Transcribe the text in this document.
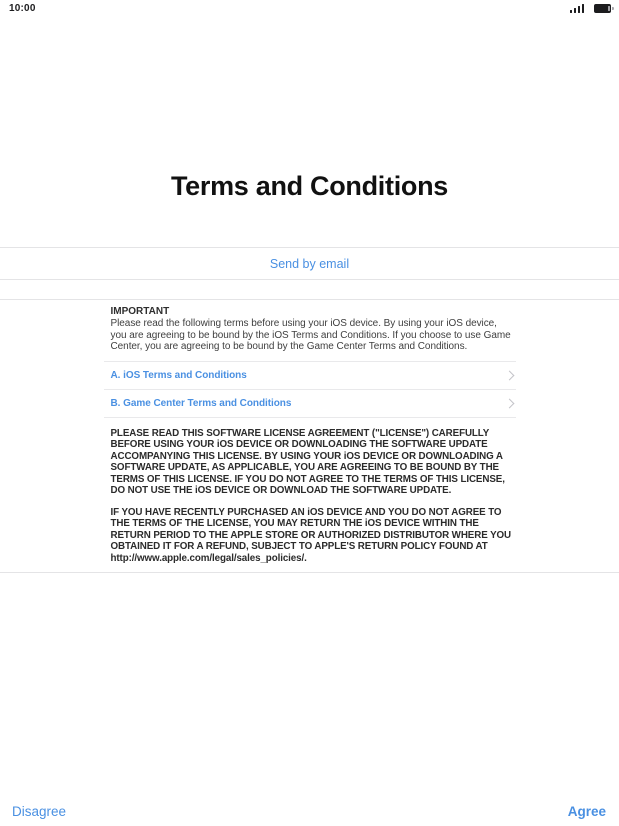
10:00
Terms and Conditions
Send by email
IMPORTANT
Please read the following terms before using your iOS device. By using your iOS device, you are agreeing to be bound by the iOS Terms and Conditions. If you choose to use Game Center, you are agreeing to be bound by the Game Center Terms and Conditions.
A. iOS Terms and Conditions
B. Game Center Terms and Conditions
PLEASE READ THIS SOFTWARE LICENSE AGREEMENT ("LICENSE") CAREFULLY BEFORE USING YOUR iOS DEVICE OR DOWNLOADING THE SOFTWARE UPDATE ACCOMPANYING THIS LICENSE. BY USING YOUR iOS DEVICE OR DOWNLOADING A SOFTWARE UPDATE, AS APPLICABLE, YOU ARE AGREEING TO BE BOUND BY THE TERMS OF THIS LICENSE. IF YOU DO NOT AGREE TO THE TERMS OF THIS LICENSE, DO NOT USE THE iOS DEVICE OR DOWNLOAD THE SOFTWARE UPDATE.
IF YOU HAVE RECENTLY PURCHASED AN iOS DEVICE AND YOU DO NOT AGREE TO THE TERMS OF THE LICENSE, YOU MAY RETURN THE iOS DEVICE WITHIN THE RETURN PERIOD TO THE APPLE STORE OR AUTHORIZED DISTRIBUTOR WHERE YOU OBTAINED IT FOR A REFUND, SUBJECT TO APPLE'S RETURN POLICY FOUND AT http://www.apple.com/legal/sales_policies/.
Disagree	Agree
